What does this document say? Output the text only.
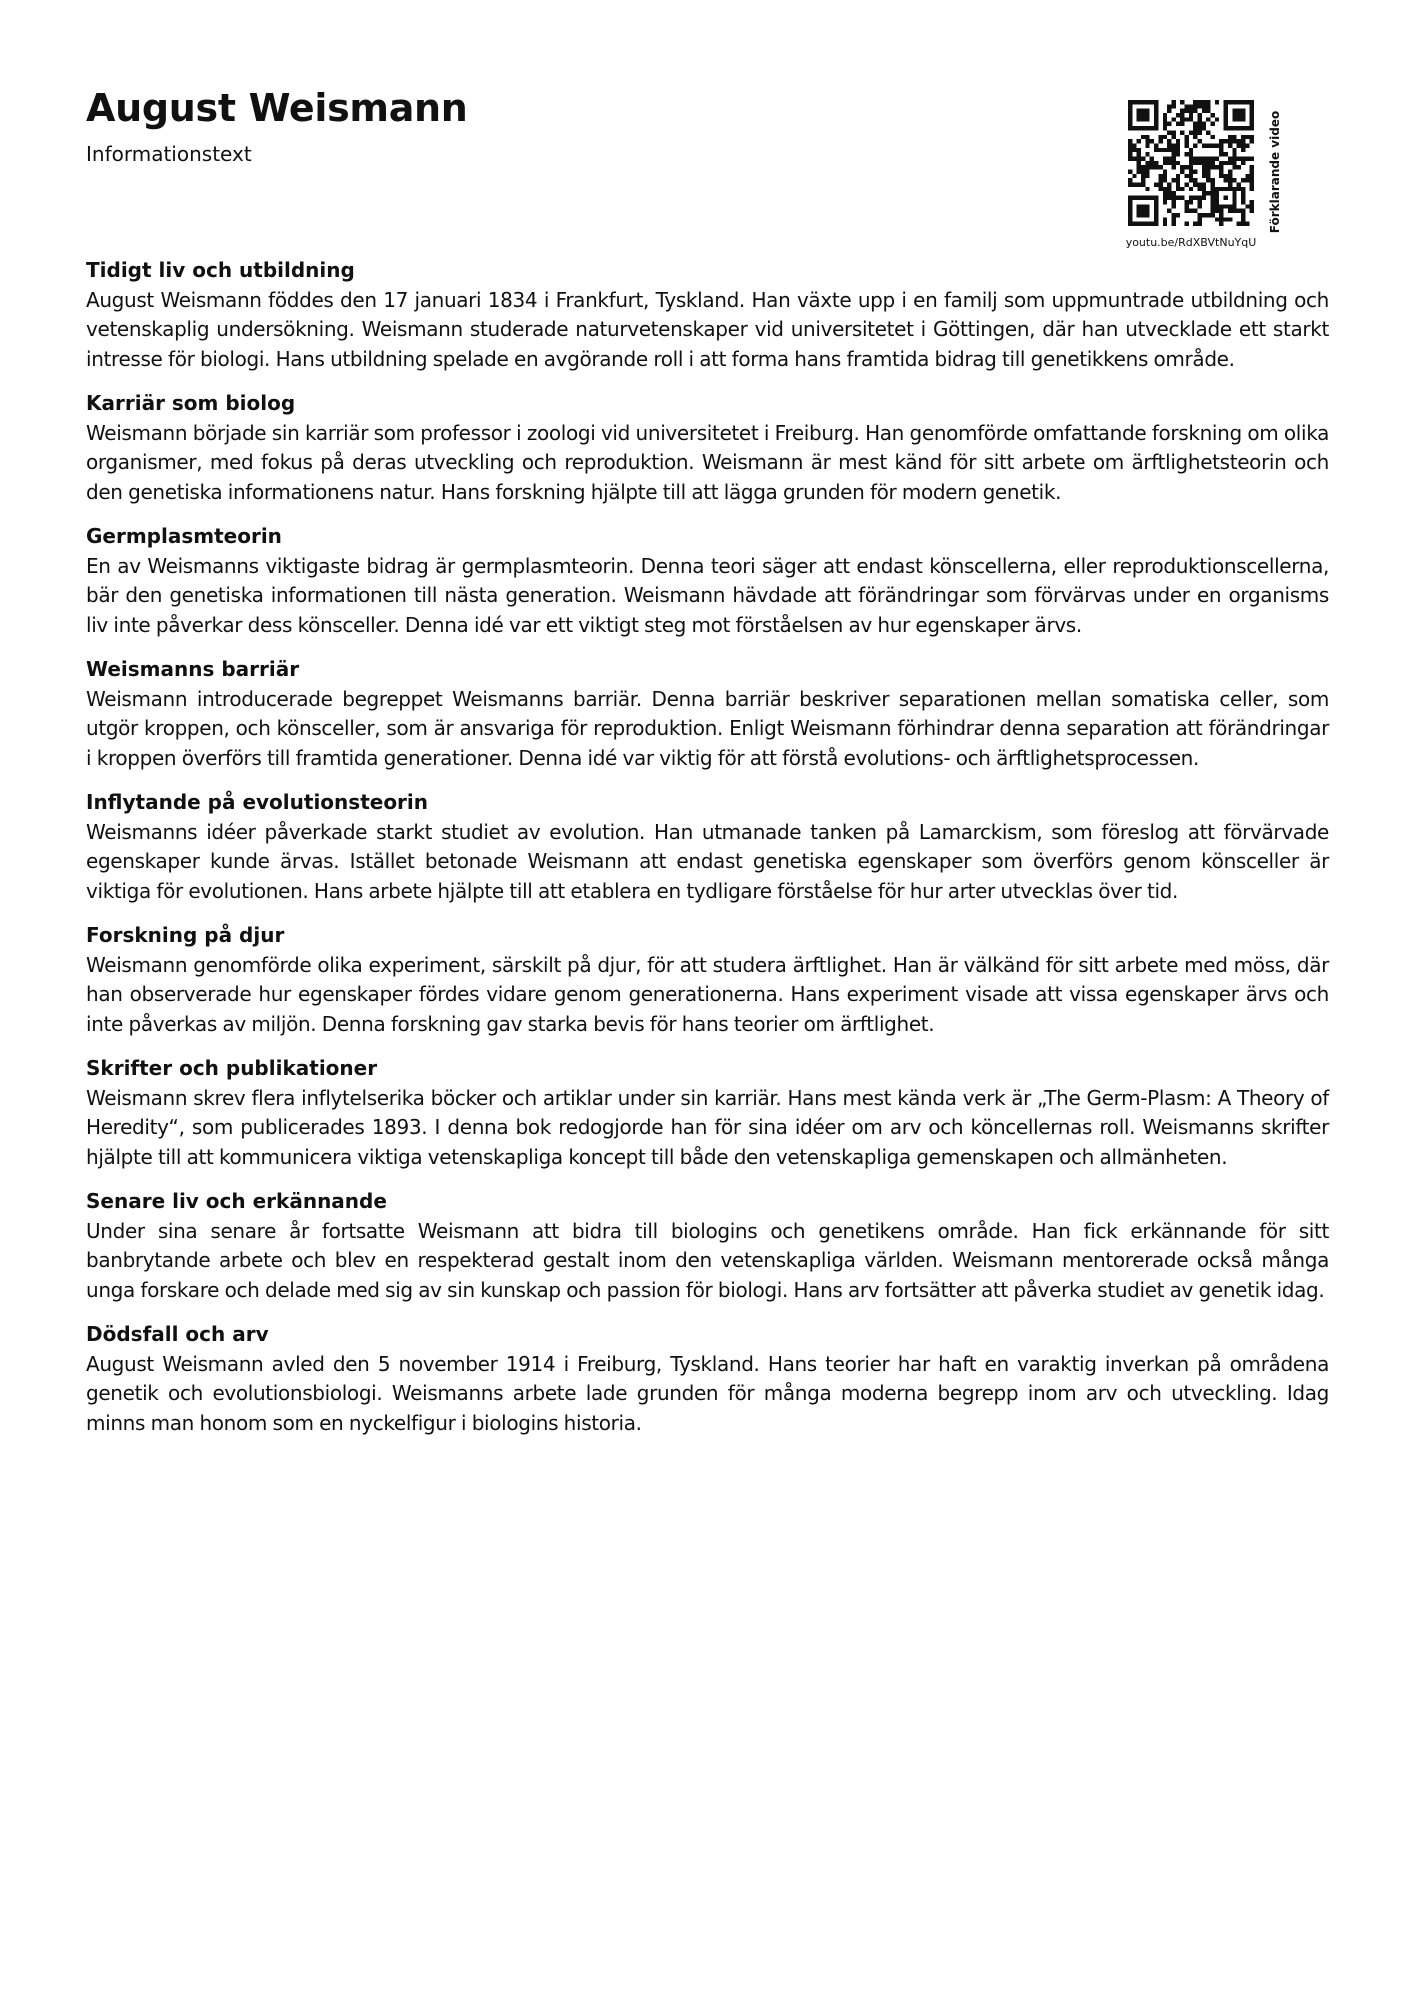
August Weismann
Informationstext	Förklarande video
youtu.be/RdXBVtNuYqU
Tidigt liv och utbildning

August Weismann föddes den 17 januari 1834 i Frankfurt, Tyskland. Han växte upp i en familj som uppmuntrade utbildning och vetenskaplig undersökning. Weismann studerade naturvetenskaper vid universitetet i Göttingen, där han utvecklade ett starkt intresse för biologi. Hans utbildning spelade en avgörande roll i att forma hans framtida bidrag till genetikkens område.

Karriär som biolog

Weismann började sin karriär som professor i zoologi vid universitetet i Freiburg. Han genomförde omfattande forskning om olika organismer, med fokus på deras utveckling och reproduktion. Weismann är mest känd för sitt arbete om ärftlighetsteorin och den genetiska informationens natur. Hans forskning hjälpte till att lägga grunden för modern genetik.

Germplasmteorin

En av Weismanns viktigaste bidrag är germplasmteorin. Denna teori säger att endast könscellerna, eller reproduktionscellerna, bär den genetiska informationen till nästa generation. Weismann hävdade att förändringar som förvärvas under en organisms liv inte påverkar dess könsceller. Denna idé var ett viktigt steg mot förståelsen av hur egenskaper ärvs.

Weismanns barriär

Weismann introducerade begreppet Weismanns barriär. Denna barriär beskriver separationen mellan somatiska celler, som utgör kroppen, och könsceller, som är ansvariga för reproduktion. Enligt Weismann förhindrar denna separation att förändringar i kroppen överförs till framtida generationer. Denna idé var viktig för att förstå evolutions- och ärftlighetsprocessen.

Inflytande på evolutionsteorin

Weismanns idéer påverkade starkt studiet av evolution. Han utmanade tanken på Lamarckism, som föreslog att förvärvade egenskaper kunde ärvas. Istället betonade Weismann att endast genetiska egenskaper som överförs genom könsceller är viktiga för evolutionen. Hans arbete hjälpte till att etablera en tydligare förståelse för hur arter utvecklas över tid.

Forskning på djur

Weismann genomförde olika experiment, särskilt på djur, för att studera ärftlighet. Han är välkänd för sitt arbete med möss, där han observerade hur egenskaper fördes vidare genom generationerna. Hans experiment visade att vissa egenskaper ärvs och inte påverkas av miljön. Denna forskning gav starka bevis för hans teorier om ärftlighet.

Skrifter och publikationer

Weismann skrev flera inflytelserika böcker och artiklar under sin karriär. Hans mest kända verk är „The Germ-Plasm: A Theory of Heredity“, som publicerades 1893. I denna bok redogjorde han för sina idéer om arv och köncellernas roll. Weismanns skrifter hjälpte till att kommunicera viktiga vetenskapliga koncept till både den vetenskapliga gemenskapen och allmänheten.

Senare liv och erkännande

Under sina senare år fortsatte Weismann att bidra till biologins och genetikens område. Han fick erkännande för sitt banbrytande arbete och blev en respekterad gestalt inom den vetenskapliga världen. Weismann mentorerade också många unga forskare och delade med sig av sin kunskap och passion för biologi. Hans arv fortsätter att påverka studiet av genetik idag.

Dödsfall och arv

August Weismann avled den 5 november 1914 i Freiburg, Tyskland. Hans teorier har haft en varaktig inverkan på områdena genetik och evolutionsbiologi. Weismanns arbete lade grunden för många moderna begrepp inom arv och utveckling. Idag minns man honom som en nyckelfigur i biologins historia.
